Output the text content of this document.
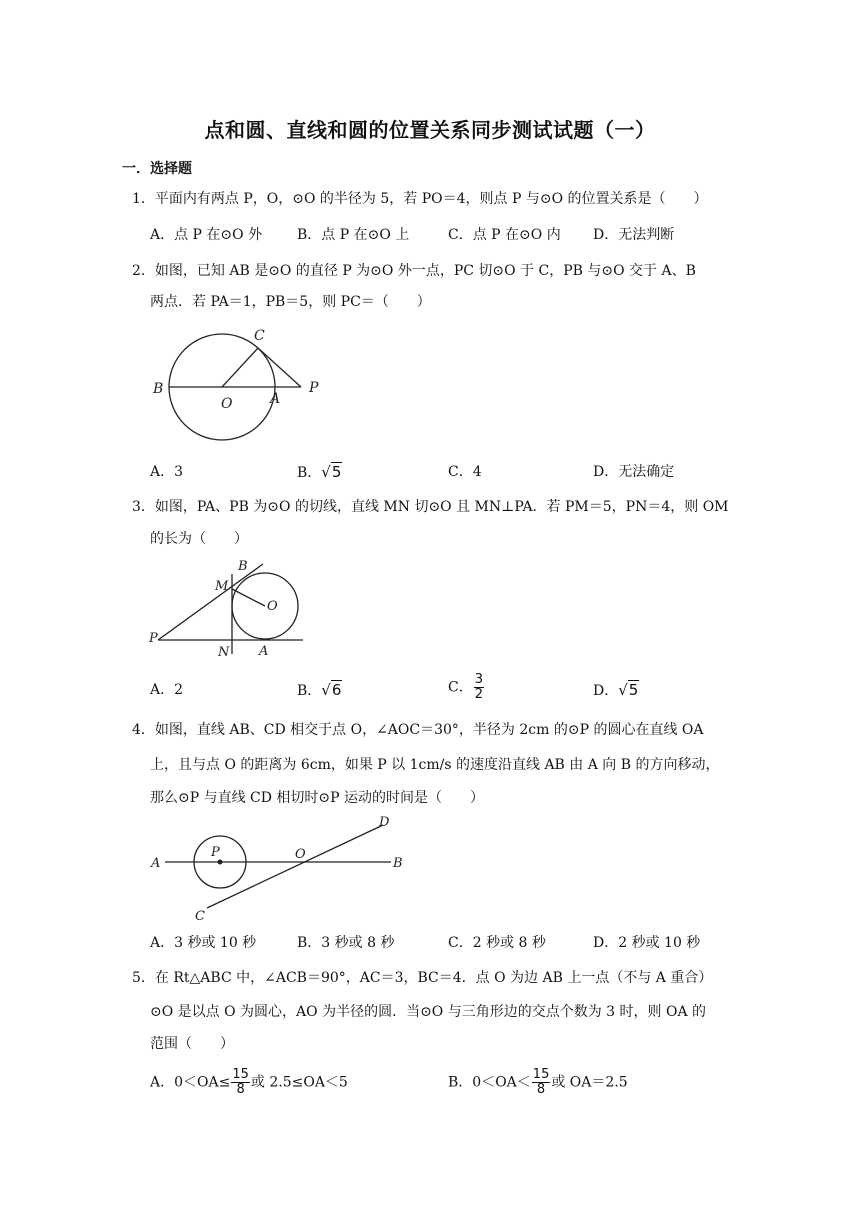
点和圆、直线和圆的位置关系同步测试试题（一）
一．选择题
1．平面内有两点 P，O，⊙O 的半径为 5，若 PO＝4，则点 P 与⊙O 的位置关系是（　　）
A．点 P 在⊙O 外 B．点 P 在⊙O 上	C．点 P 在⊙O 内 D．无法判断
2．如图，已知 AB 是⊙O 的直径 P 为⊙O 外一点，PC 切⊙O 于 C，PB 与⊙O 交于 A、B
两点．若 PA＝1，PB＝5，则 PC＝（　　）
B
O	A
C
P
A．3	B．√5	C．4	D．无法确定
3．如图，PA、PB 为⊙O 的切线，直线 MN 切⊙O 且 MN⊥PA．若 PM＝5，PN＝4，则 OM
的长为（　　）
B
M
O
P
N A
A．2	B．√6	C． $\frac{3}{2}$	D．√5
4．如图，直线 AB、CD 相交于点 O，∠AOC＝30°，半径为 2cm 的⊙P 的圆心在直线 OA
上，且与点 O 的距离为 6cm，如果 P 以 1cm/s 的速度沿直线 AB 由 A 向 B 的方向移动，
那么⊙P 与直线 CD 相切时⊙P 运动的时间是（　　）
A
P	O
B
D
C
A．3 秒或 10 秒	B．3 秒或 8 秒	C．2 秒或 8 秒	D．2 秒或 10 秒
5．在 Rt△ABC 中，∠ACB＝90°，AC＝3，BC＝4．点 O 为边 AB 上一点（不与 A 重合）
⊙O 是以点 O 为圆心，AO 为半径的圆．当⊙O 与三角形边的交点个数为 3 时，则 OA 的
范围（　　）
A．$0<OA\le \frac{15}{8}$ 或 2.5≤OA＜5	B．$0<OA< \frac{15}{8}$ 或 OA＝2.5
